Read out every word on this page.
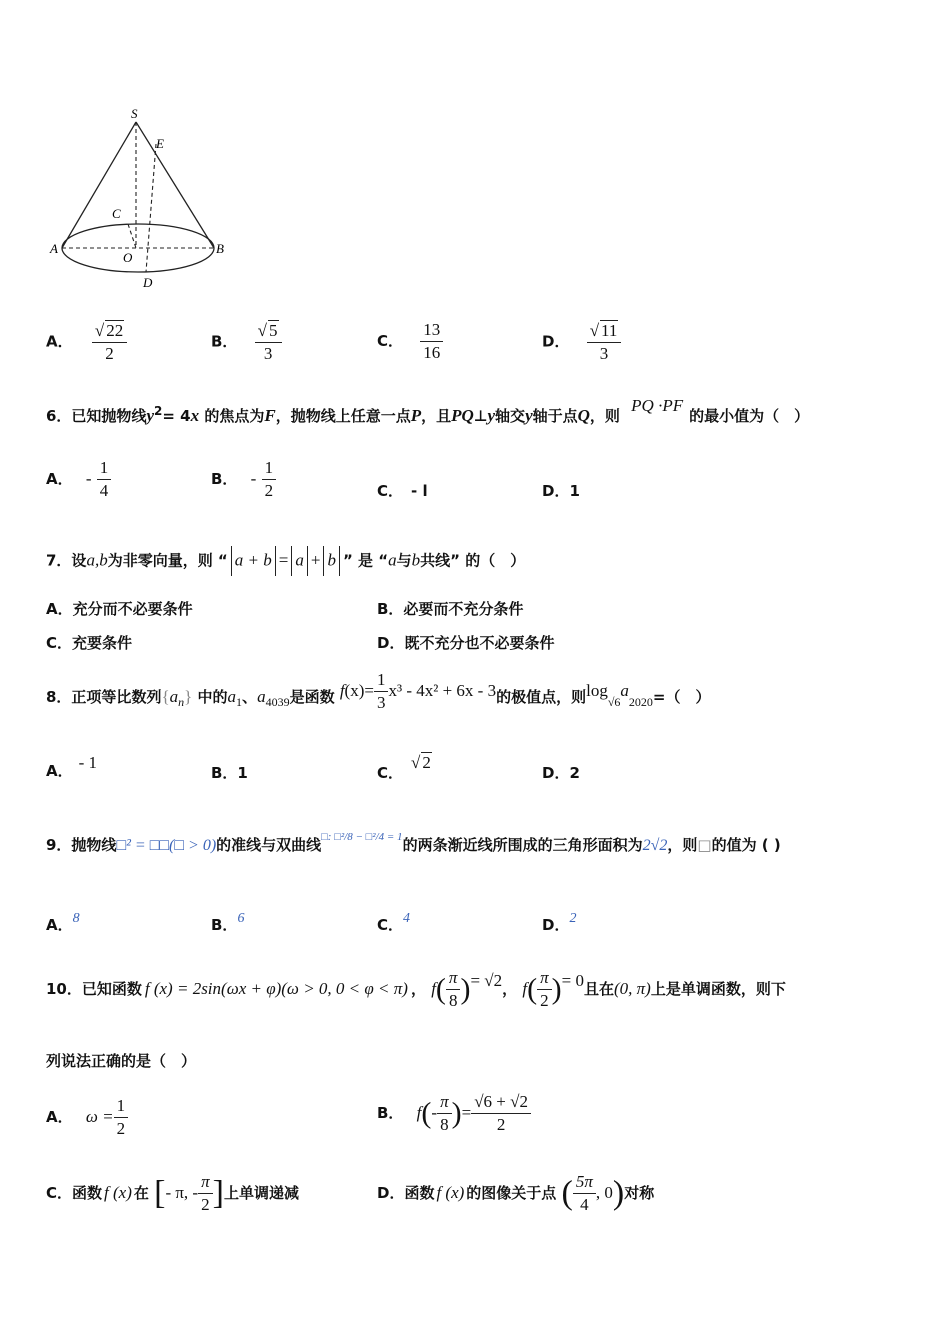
S
E
C
A
O
B
D
A． $\frac{√ 22}{2}$	B． $\frac{√ 5}{3}$	C． $\frac{13}{16}$	D． $\frac{√ 11}{3}$
6．已知抛物线$y^2= 4x$ 的焦点为F，抛物线上任意一点P，且PQ⊥y轴交y轴于点Q，则 PQ ·PF的最小值为（　）
A． - $\frac{1}{4}$	B． - $\frac{1}{2}$	C． - l	D．1
7．设a,b为非零向量，则 “ a + b = a + b ” 是 “a与b共线” 的（　）
A．充分而不必要条件	B．必要而不充分条件
C．充要条件	D．既不充分也不必要条件
8．正项等比数列$\{a_n\}$ 中的$a_1$、$a_{4039}$是函数 $f(x)= \frac{1}{3} x^3 - 4x^2 + 6x - 3$的极值点，则$\log_{√6}a_{2020}=$（　）
A． - 1
B．1	C．√ 2
D．2
9．抛物线□² = □□(□ > 0)的准线与双曲线$^{□: □^2/8 - □^2/4 = 1}$的两条渐近线所围成的三角形面积为2√2，则□的值为 ( )
A．8	B．6	C．4	D．2
10．已知函数 f (x) = 2sin(ωx + φ)(ω > 0, 0 < φ < π) ， $f( \frac{\pi}{8}$ )= √2， $f( \frac{\pi}{2}$ )= 0且在(0, π)上是单调函数，则下
列说法正确的是（　）
A． $\omega = \frac{1}{2}$	B． $f(- \frac{\pi}{8}$ )= $\frac{√6 + √2}{2}$
C．函数 f (x) 在 [- π, - $\frac{\pi}{2}$ ]上单调递减	D．函数 f (x) 的图像关于点 ( $\frac{5\pi}{4}$ , 0)对称
